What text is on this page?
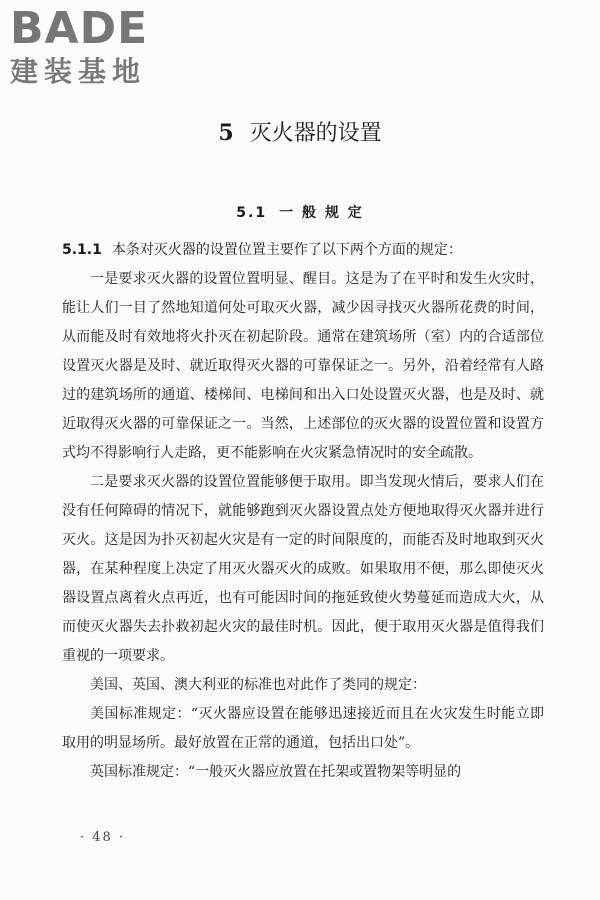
BADE
建装基地
5 灭火器的设置
5.1 一 般 规 定

5.1.1 本条对灭火器的设置位置主要作了以下两个方面的规定：

一是要求灭火器的设置位置明显、醒目。这是为了在平时和发生火灾时，能让人们一目了然地知道何处可取灭火器，减少因寻找灭火器所花费的时间，从而能及时有效地将火扑灭在初起阶段。通常在建筑场所（室）内的合适部位设置灭火器是及时、就近取得灭火器的可靠保证之一。另外，沿着经常有人路过的建筑场所的通道、楼梯间、电梯间和出入口处设置灭火器，也是及时、就近取得灭火器的可靠保证之一。当然，上述部位的灭火器的设置位置和设置方式均不得影响行人走路，更不能影响在火灾紧急情况时的安全疏散。

二是要求灭火器的设置位置能够便于取用。即当发现火情后，要求人们在没有任何障碍的情况下，就能够跑到灭火器设置点处方便地取得灭火器并进行灭火。这是因为扑灭初起火灾是有一定的时间限度的，而能否及时地取到灭火器，在某种程度上决定了用灭火器灭火的成败。如果取用不便，那么即使灭火器设置点离着火点再近，也有可能因时间的拖延致使火势蔓延而造成大火，从而使灭火器失去扑救初起火灾的最佳时机。因此，便于取用灭火器是值得我们重视的一项要求。

美国、英国、澳大利亚的标准也对此作了类同的规定：

美国标准规定：“灭火器应设置在能够迅速接近而且在火灾发生时能立即取用的明显场所。最好放置在正常的通道，包括出口处”。

英国标准规定：“一般灭火器应放置在托架或置物架等明显的

· 48 ·
